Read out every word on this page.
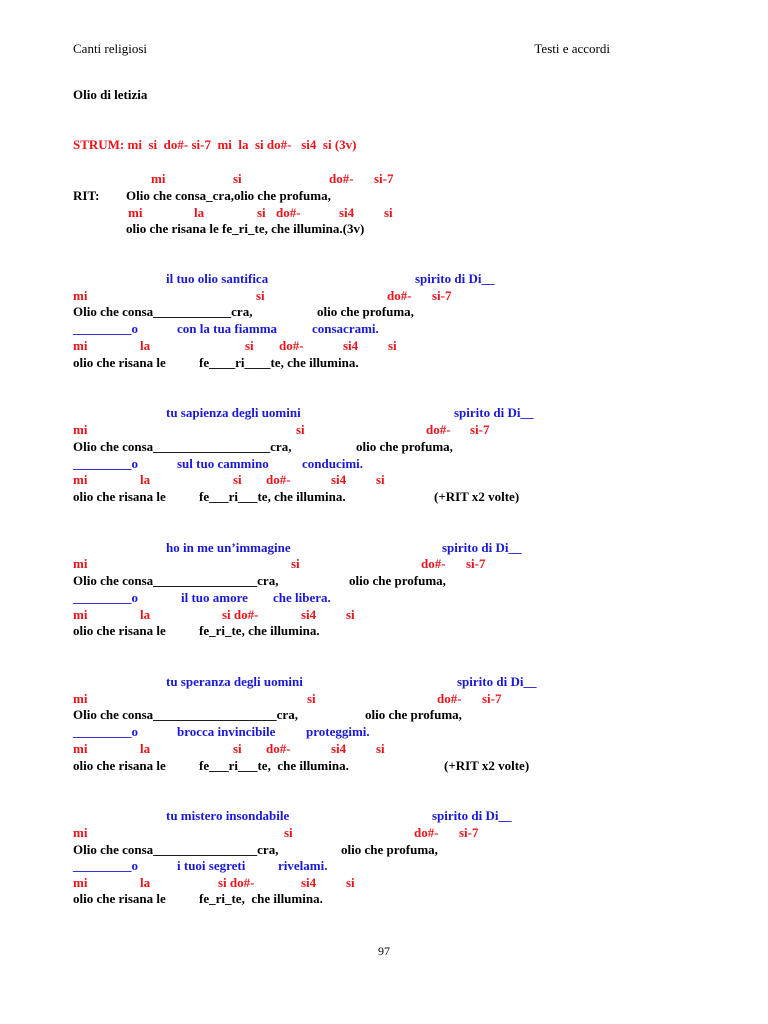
Canti religiosi	Testi e accordi
Olio di letizia
STRUM: mi  si  do#- si-7  mi  la  si do#-   si4  si (3v)
mi	si	do#- si-7
RIT: Olio che consa_cra,olio che profuma,
mi	la	si do#-	si4 si
olio che risana le fe_ri_te, che illumina.(3v)
il tuo olio santifica	spirito di Di__
mi	si	do#- si-7
Olio che consa____________cra,	olio che profuma,
_________o	con la tua fiamma	consacrami.
mi	la	si do#-	si4 si
olio che risana le	fe____ri____te, che illumina.
tu sapienza degli uomini	spirito di Di__
mi	si	do#- si-7
Olio che consa__________________cra,	olio che profuma,
_________o	sul tuo cammino	conducimi.
mi	la	si do#-	si4 si
olio che risana le	fe___ri___te, che illumina.	(+RIT x2 volte)
ho in me un’immagine	spirito di Di__
mi	si	do#- si-7
Olio che consa________________cra,	olio che profuma,
_________o	il tuo amore che libera.
mi	la	si do#-	si4 si
olio che risana le	fe_ri_te, che illumina.
tu speranza degli uomini	spirito di Di__
mi	si	do#- si-7
Olio che consa___________________cra,	olio che profuma,
_________o	brocca invincibile proteggimi.
mi	la	si do#-	si4 si
olio che risana le	fe___ri___te,  che illumina.	(+RIT x2 volte)
tu mistero insondabile	spirito di Di__
mi	si	do#- si-7
Olio che consa________________cra,	olio che profuma,
_________o	i tuoi segreti	rivelami.
mi	la	si do#-	si4 si
olio che risana le	fe_ri_te,  che illumina.
97
